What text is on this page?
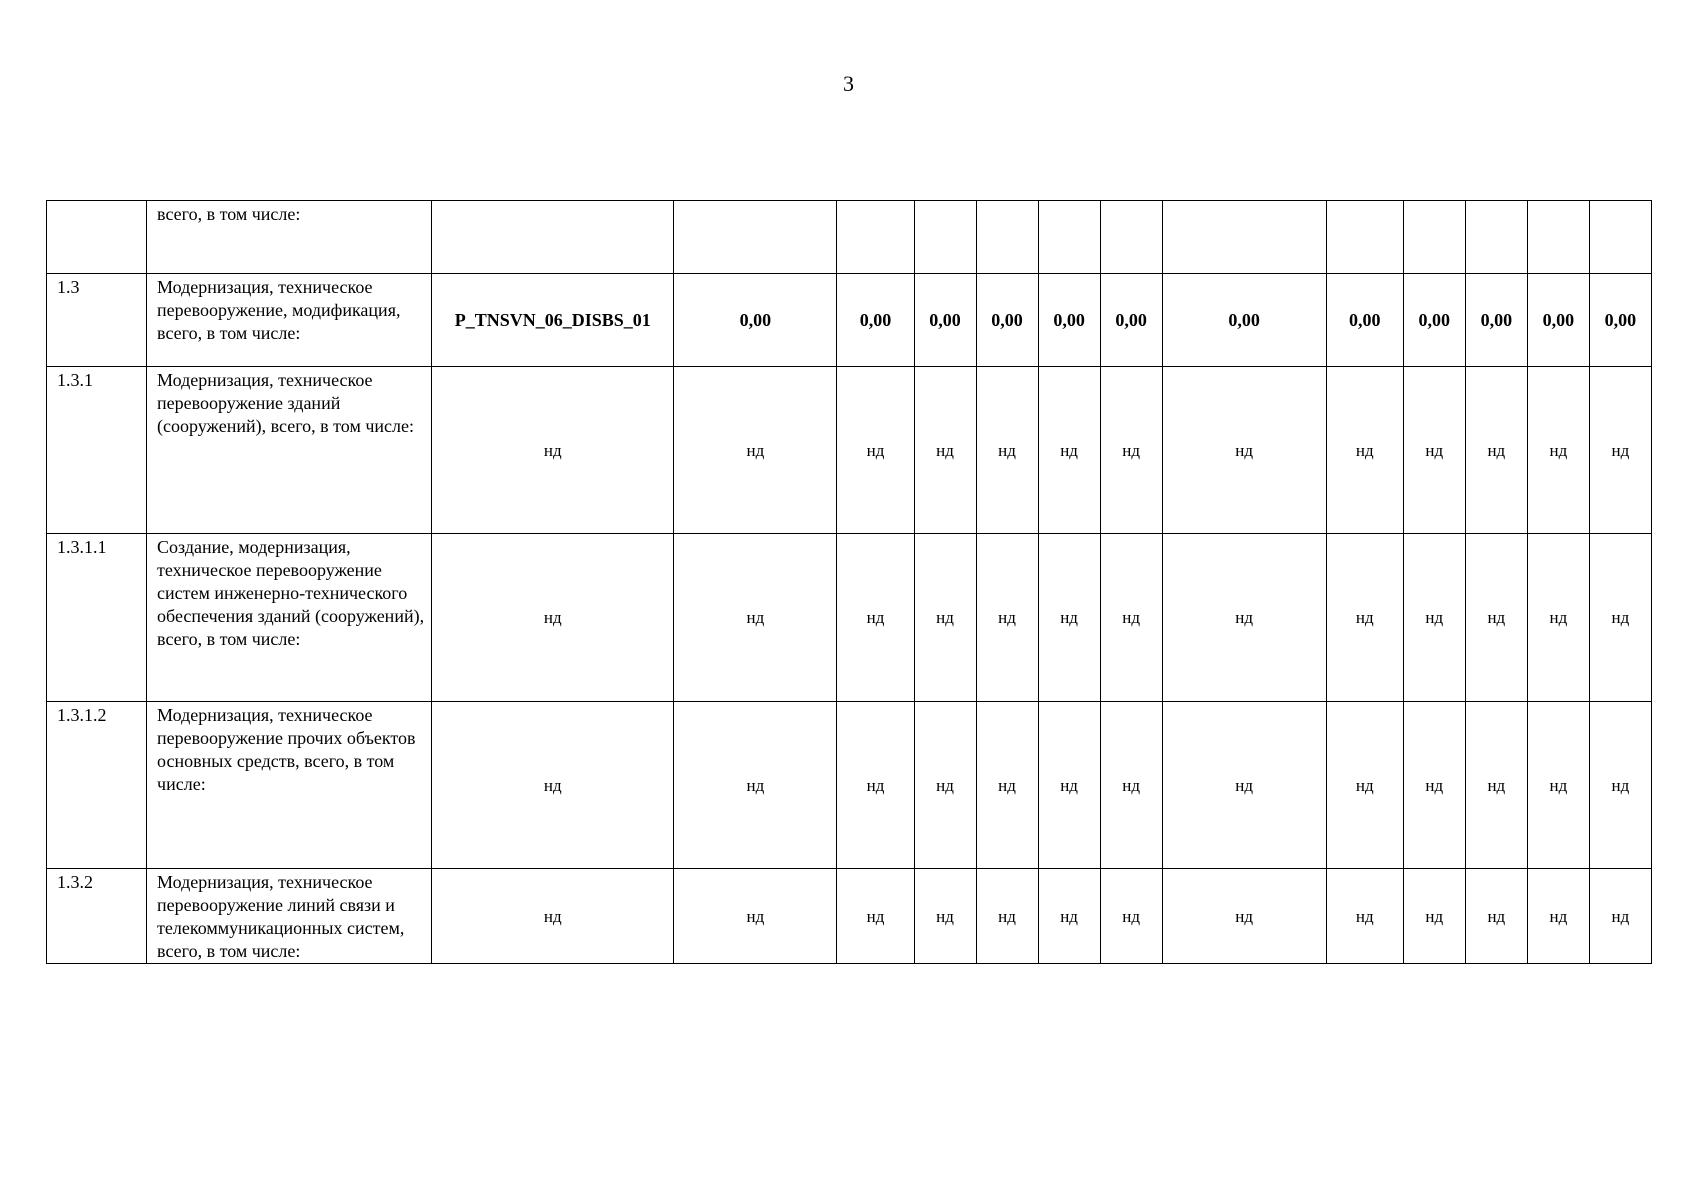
3
	всего, в том числе:													
1.3	Модернизация, техническое перевооружение, модификация, всего, в том числе:	P_TNSVN_06_DISBS_01	0,00	0,00	0,00	0,00	0,00	0,00	0,00	0,00	0,00	0,00	0,00	0,00
1.3.1	Модернизация, техническое перевооружение зданий (сооружений), всего, в том числе:	нд	нд	нд	нд	нд	нд	нд	нд	нд	нд	нд	нд	нд
1.3.1.1	Создание, модернизация, техническое перевооружение систем инженерно-технического обеспечения зданий (сооружений), всего, в том числе:	нд	нд	нд	нд	нд	нд	нд	нд	нд	нд	нд	нд	нд
1.3.1.2	Модернизация, техническое перевооружение прочих объектов основных средств, всего, в том числе:	нд	нд	нд	нд	нд	нд	нд	нд	нд	нд	нд	нд	нд
1.3.2	Модернизация, техническое перевооружение линий связи и телекоммуникационных систем, всего, в том числе:	нд	нд	нд	нд	нд	нд	нд	нд	нд	нд	нд	нд	нд
